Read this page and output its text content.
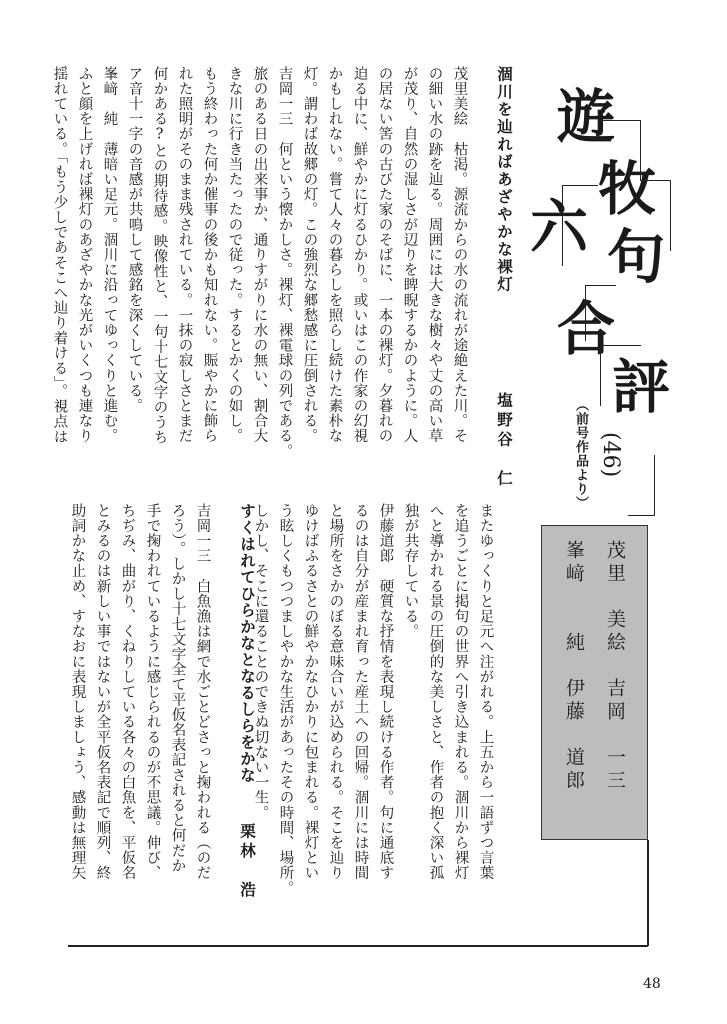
遊
牧
句
評
六
合
（前号作品より） (46)
茂里　美絵　吉岡　一三
峯﨑　　純　伊藤　道郎
涸川を辿ればあざやかな裸灯
塩野谷　仁
茂里美絵　枯渇。源流からの水の流れが途絶えた川。そ
の細い水の跡を辿る。周囲には大きな樹々や丈の高い草
が茂り、自然の湿しさが辺りを睥睨するかのように。人
の居ない筈の古びた家のそばに、一本の裸灯。夕暮れの
迫る中に、鮮やかに灯るひかり。或いはこの作家の幻視
かもしれない。嘗て人々の暮らしを照らし続けた素朴な
灯。謂わば故郷の灯。この強烈な郷愁感に圧倒される。
吉岡一三　何という懐かしさ。裸灯、裸電球の列である。
旅のある日の出来事か、通りすがりに水の無い、割合大
きな川に行き当たったので従った。するとかくの如し。
もう終わった何か催事の後かも知れない。賑やかに飾ら
れた照明がそのまま残されている。一抹の寂しさとまだ
何かある?との期待感。映像性と、一句十七文字のうち
ア音十一字の音感が共鳴して感銘を深くしている。
峯﨑　純　薄暗い足元。涸川に沿ってゆっくりと進む。
ふと顔を上げれば裸灯のあざやかな光がいくつも連なり
揺れている。「もう少しであそこへ辿り着ける」。視点は
またゆっくりと足元へ注がれる。上五から一語ずつ言葉
を追うごとに掲句の世界へ引き込まれる。涸川から裸灯
へと導かれる景の圧倒的な美しさと、作者の抱く深い孤
独が共存している。
伊藤道郎　硬質な抒情を表現し続ける作者。句に通底す
るのは自分が産まれ育った産土への回帰。涸川には時間
と場所をさかのぼる意味合いが込められる。そこを辿り
ゆけばふるさとの鮮やかなひかりに包まれる。裸灯とい
う眩しくもつつましやかな生活があったその時間、場所。
しかし、そこに還ることのできぬ切ない一生。
すくはれてひらかなとなるしらをかな
栗林　浩
吉岡一三　白魚漁は網で水ごとどさっと掬われる（のだ
ろう）。しかし十七文字全て平仮名表記されると何だか
手で掬われているように感じられるのが不思議。伸び、
ちぢみ、曲がり、くねりしている各々の白魚を、平仮名
とみるのは新しい事ではないが全平仮名表記で順列、終
助詞かな止め、すなおに表現しましょう、感動は無理矢
48
